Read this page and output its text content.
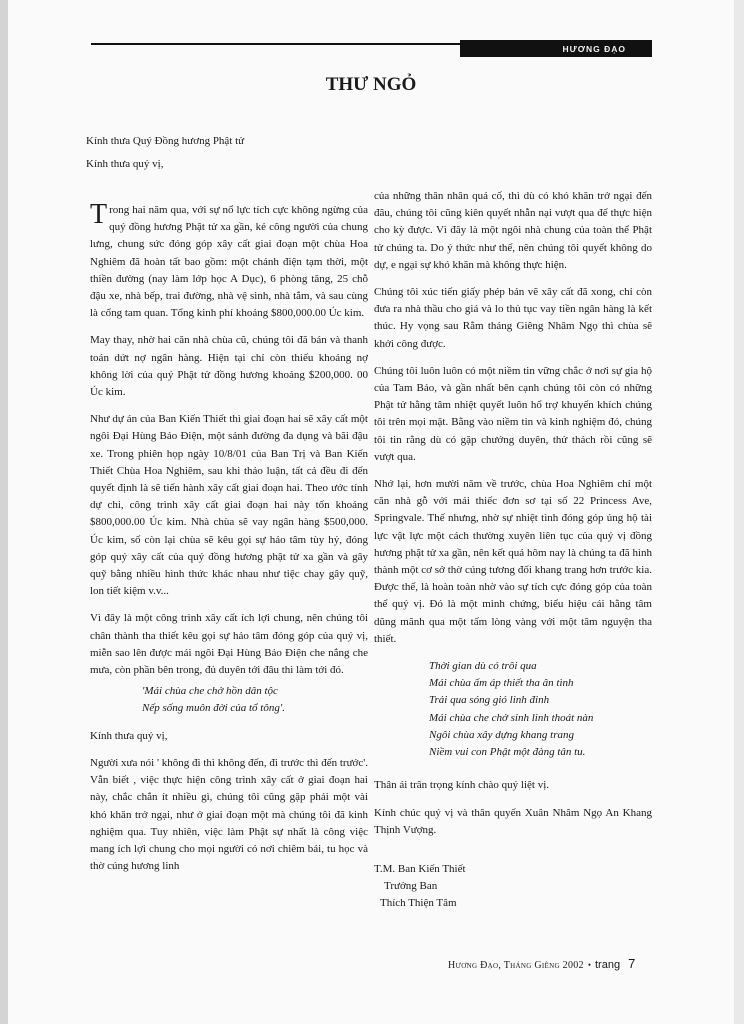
HƯƠNG ĐẠO
THƯ NGỎ
Kính thưa Quý Đồng hương Phật tử
Kính thưa quý vị,

Trong hai năm qua, với sự nổ lực tích cực không ngừng của quý đồng hương Phật tử xa gần, kẻ công người của chung lưng, chung sức đóng góp xây cất giai đoạn một chùa Hoa Nghiêm đã hoàn tất bao gồm: một chánh điện tạm thời, một thiền đường (nay làm lớp học A Dục), 6 phòng tăng, 25 chỗ đậu xe, nhà bếp, trai đường, nhà vệ sinh, nhà tắm, và sau cùng là cổng tam quan. Tổng kinh phí khoảng $800,000.00 Úc kim.

May thay, nhờ hai căn nhà chùa cũ, chúng tôi đã bán và thanh toán dứt nợ ngân hàng. Hiện tại chỉ còn thiếu khoảng nợ không lời của quý Phật tử đồng hương khoảng $200,000. 00 Úc kim.

Như dự án của Ban Kiến Thiết thì giai đoạn hai sẽ xây cất một ngôi Đại Hùng Bảo Điện, một sảnh đường đa dụng và bãi đậu xe. Trong phiên họp ngày 10/8/01 của Ban Trị và Ban Kiến Thiết Chùa Hoa Nghiêm, sau khi thảo luận, tất cả đều đi đến quyết định là sẽ tiến hành xây cất giai đoạn hai. Theo ước tính dự chi, công trình xây cất giai đoạn hai này tốn khoảng $800,000.00 Úc kim. Nhà chùa sẽ vay ngân hàng $500,000. Úc kim, số còn lại chùa sẽ kêu gọi sự hảo tâm tùy hỷ, đóng góp quý xây cất của quý đồng hương phật tử xa gần và gây quỹ bằng nhiều hình thức khác nhau như tiệc chay gây quỹ, lon tiết kiệm v.v...

Vì đây là một công trình xây cất ích lợi chung, nên chúng tôi chân thành tha thiết kêu gọi sự hảo tâm đóng góp của quý vị, miễn sao lên được mái ngôi Đại Hùng Bảo Điện che nắng che mưa, còn phần bên trong, đủ duyên tới đâu thì làm tới đó.

'Mái chùa che chở hồn dân tộc
Nếp sống muôn đời của tổ tông'.

Kính thưa quý vị,

Người xưa nói ' không đi thì không đến, đi trước thì đến trước'. Vẫn biết , việc thực hiện công trình xây cất ở giai đoạn hai này, chắc chắn ít nhiều gì, chúng tôi cũng gặp phải một vài khó khăn trở ngại, như ở giai đoạn một mà chúng tôi đã kinh nghiệm qua. Tuy nhiên, việc làm Phật sự nhất là công việc mang ích lợi chung cho mọi người có nơi chiêm bái, tu học và thờ cúng hương linh

của những thân nhân quá cố, thì dù có khó khăn trở ngại đến đâu, chúng tôi cũng kiên quyết nhẫn nại vượt qua để thực hiện cho kỳ được. Vì đây là một ngôi nhà chung của toàn thể Phật tử chúng ta. Do ý thức như thế, nên chúng tôi quyết không do dự, e ngại sự khó khăn mà không thực hiện.

Chúng tôi xúc tiến giấy phép bản vẽ xây cất đã xong, chỉ còn đưa ra nhà thầu cho giá và lo thủ tục vay tiền ngân hàng là kết thúc. Hy vọng sau Rằm tháng Giêng Nhâm Ngọ thì chùa sẽ khởi công được.

Chúng tôi luôn luôn có một niềm tin vững chắc ở nơi sự gia hộ của Tam Bảo, và gần nhất bên cạnh chúng tôi còn có những Phật tử hằng tâm nhiệt quyết luôn hổ trợ khuyến khích chúng tôi trên mọi mặt. Bằng vào niềm tin và kinh nghiệm đó, chúng tôi tin rằng dù có gặp chướng duyên, thử thách rồi cũng sẽ vượt qua.

Nhớ lại, hơn mười năm về trước, chùa Hoa Nghiêm chỉ một căn nhà gỗ với mái thiếc đơn sơ tại số 22 Princess Ave, Springvale. Thế nhưng, nhờ sự nhiệt tình đóng góp ủng hộ tài lực vật lực một cách thường xuyên liên tục của quý vị đồng hương phật tử xa gần, nên kết quả hôm nay là chúng ta đã hình thành một cơ sở thờ cúng tương đối khang trang hơn trước kia. Được thế, là hoàn toàn nhờ vào sự tích cực đóng góp của toàn thể quý vị. Đó là một minh chứng, biểu hiệu cái hằng tâm dũng mãnh qua một tấm lòng vàng với một tâm nguyện tha thiết.

Thời gian dù có trôi qua
Mái chùa ấm áp thiết tha ân tình
Trải qua sóng gió linh đinh
Mái chùa che chở sinh linh thoát nàn
Ngôi chùa xây dựng khang trang
Niềm vui con Phật một đàng tân tu.

Thân ái trân trọng kính chào quý liệt vị.

Kính chúc quý vị và thân quyến Xuân Nhâm Ngọ An Khang Thịnh Vượng.

T.M. Ban Kiến Thiết
Trưởng Ban
Thích Thiện Tâm
Hương Đạo, Tháng Giêng 2002 • trang 7
